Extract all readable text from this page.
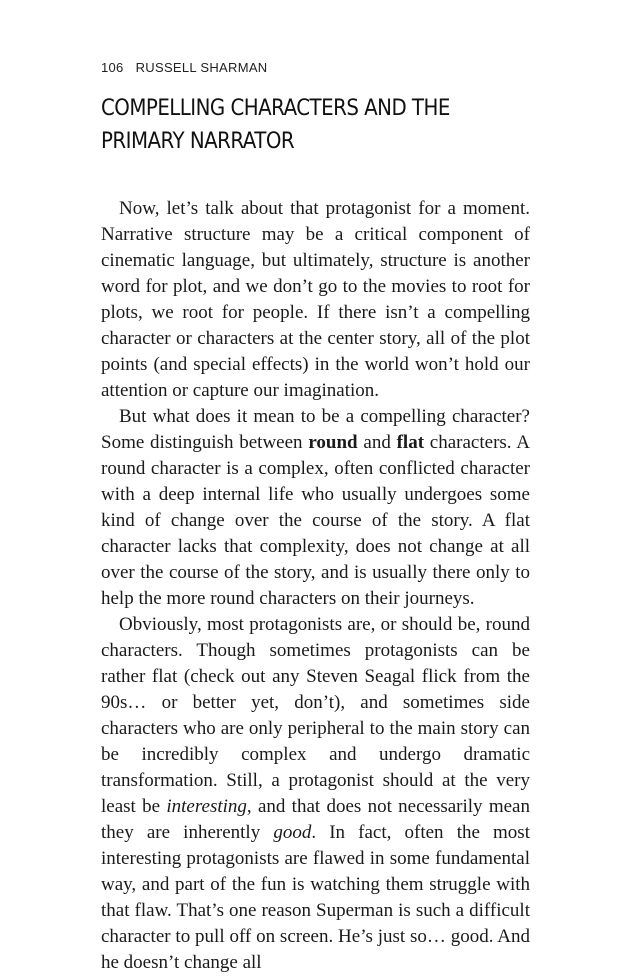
106 RUSSELL SHARMAN
COMPELLING CHARACTERS AND THE PRIMARY NARRATOR

Now, let’s talk about that protagonist for a moment. Narrative structure may be a critical component of cinematic language, but ultimately, structure is another word for plot, and we don’t go to the movies to root for plots, we root for people. If there isn’t a compelling character or characters at the center story, all of the plot points (and special effects) in the world won’t hold our attention or capture our imagination.

But what does it mean to be a compelling character? Some distinguish between round and flat characters. A round character is a complex, often conflicted character with a deep internal life who usually undergoes some kind of change over the course of the story. A flat character lacks that complexity, does not change at all over the course of the story, and is usually there only to help the more round characters on their journeys.

Obviously, most protagonists are, or should be, round characters. Though sometimes protagonists can be rather flat (check out any Steven Seagal flick from the 90s… or better yet, don’t), and sometimes side characters who are only peripheral to the main story can be incredibly complex and undergo dramatic transformation. Still, a protagonist should at the very least be interesting, and that does not necessarily mean they are inherently good. In fact, often the most interesting protagonists are flawed in some fundamental way, and part of the fun is watching them struggle with that flaw. That’s one reason Superman is such a difficult character to pull off on screen. He’s just so… good. And he doesn’t change all
